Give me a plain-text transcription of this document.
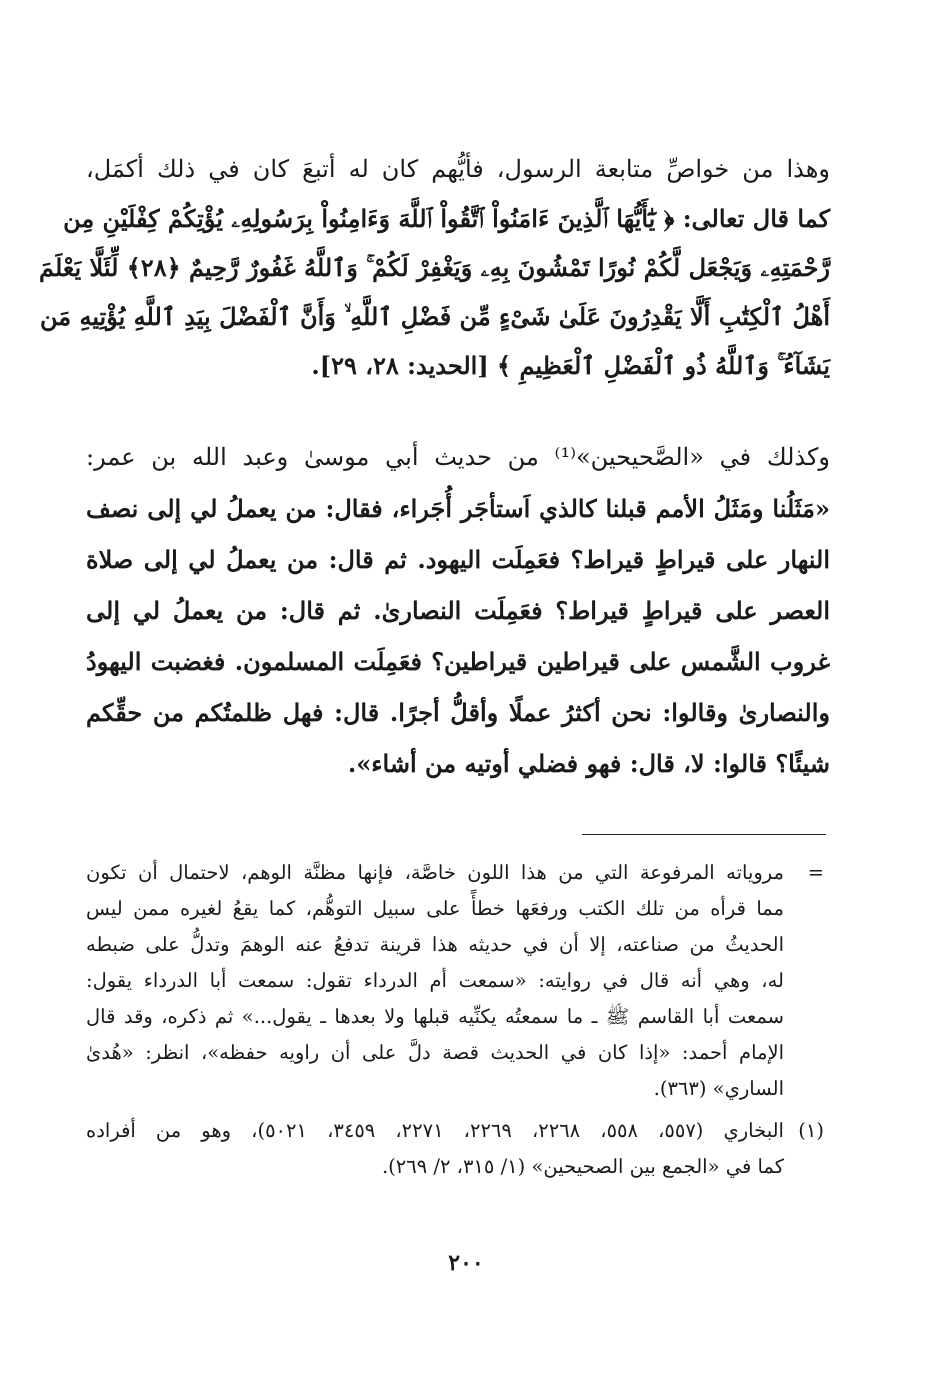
وهذا من خواصِّ متابعة الرسول، فأيُّهم كان له أتبعَ كان في ذلك أكمَل،
كما قال تعالى: ﴿ يَٰٓأَيُّهَا ٱلَّذِينَ ءَامَنُواْ ٱتَّقُواْ ٱللَّهَ وَءَامِنُواْ بِرَسُولِهِۦ يُؤْتِكُمْ كِفْلَيْنِ مِن
رَّحْمَتِهِۦ وَيَجْعَل لَّكُمْ نُورًا تَمْشُونَ بِهِۦ وَيَغْفِرْ لَكُمْ ۚ وَٱللَّهُ غَفُورٌ رَّحِيمٌ ﴿٢٨﴾ لِّئَلَّا يَعْلَمَ
أَهْلُ ٱلْكِتَٰبِ أَلَّا يَقْدِرُونَ عَلَىٰ شَىْءٍ مِّن فَضْلِ ٱللَّهِ ۙ وَأَنَّ ٱلْفَضْلَ بِيَدِ ٱللَّهِ يُؤْتِيهِ مَن
يَشَآءُ ۚ وَٱللَّهُ ذُو ٱلْفَضْلِ ٱلْعَظِيمِ ﴾ [الحديد: ٢٨، ٢٩].
وكذلك في «الصَّحيحين»⁽¹⁾ من حديث أبي موسىٰ وعبد الله بن عمر:
«مَثَلُنا ومَثَلُ الأمم قبلنا كالذي اَستأجَر أُجَراء، فقال: من يعملُ لي إلى نصف
النهار على قيراطٍ قيراط؟ فعَمِلَت اليهود. ثم قال: من يعملُ لي إلى صلاة
العصر على قيراطٍ قيراط؟ فعَمِلَت النصارىٰ. ثم قال: من يعملُ لي إلى
غروب الشَّمس على قيراطين قيراطين؟ فعَمِلَت المسلمون. فغضبت اليهودُ
والنصارىٰ وقالوا: نحن أكثرُ عملًا وأقلُّ أجرًا. قال: فهل ظلمتُكم من حقِّكم
شيئًا؟ قالوا: لا، قال: فهو فضلي أوتيه من أشاء».
=
مروياته المرفوعة التي من هذا اللون خاصَّة، فإنها مظنَّة الوهم، لاحتمال أن تكون
مما قرأه من تلك الكتب ورفعَها خطأً على سبيل التوهُّم، كما يقعُ لغيره ممن ليس
الحديثُ من صناعته، إلا أن في حديثه هذا قرينة تدفعُ عنه الوهمَ وتدلُّ على ضبطه
له، وهي أنه قال في روايته: «سمعت أم الدرداء تقول: سمعت أبا الدرداء يقول:
سمعت أبا القاسم ﷺ ـ ما سمعتُه يكنِّيه قبلها ولا بعدها ـ يقول...» ثم ذكره، وقد قال
الإمام أحمد: «إذا كان في الحديث قصة دلَّ على أن راويه حفظه»، انظر: «هُدىٰ
الساري» (٣٦٣).
(١)
البخاري (٥٥٧، ٥٥٨، ٢٢٦٨، ٢٢٦٩، ٢٢٧١، ٣٤٥٩، ٥٠٢١)، وهو من أفراده
كما في «الجمع بين الصحيحين» (١/ ٣١٥، ٢/ ٢٦٩).
٢٠٠
